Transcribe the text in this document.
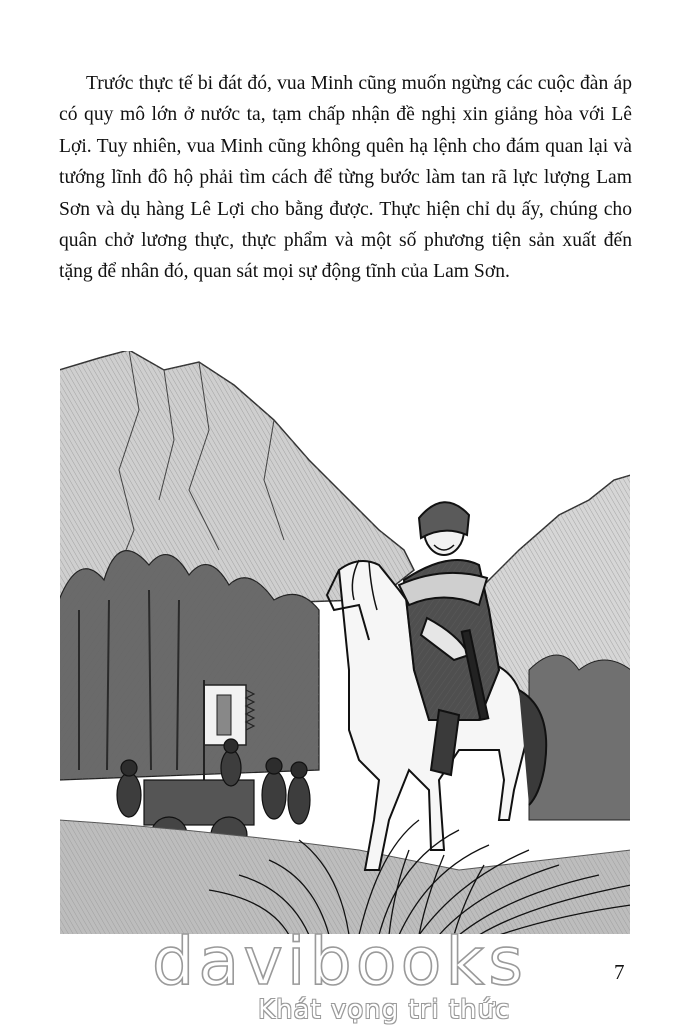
Trước thực tế bi đát đó, vua Minh cũng muốn ngừng các cuộc đàn áp có quy mô lớn ở nước ta, tạm chấp nhận đề nghị xin giảng hòa với Lê Lợi. Tuy nhiên, vua Minh cũng không quên hạ lệnh cho đám quan lại và tướng lĩnh đô hộ phải tìm cách để từng bước làm tan rã lực lượng Lam Sơn và dụ hàng Lê Lợi cho bằng được. Thực hiện chỉ dụ ấy, chúng cho quân chở lương thực, thực phẩm và một số phương tiện sản xuất đến tặng để nhân đó, quan sát mọi sự động tĩnh của Lam Sơn.

davibooks
Khát vọng tri thức
7
